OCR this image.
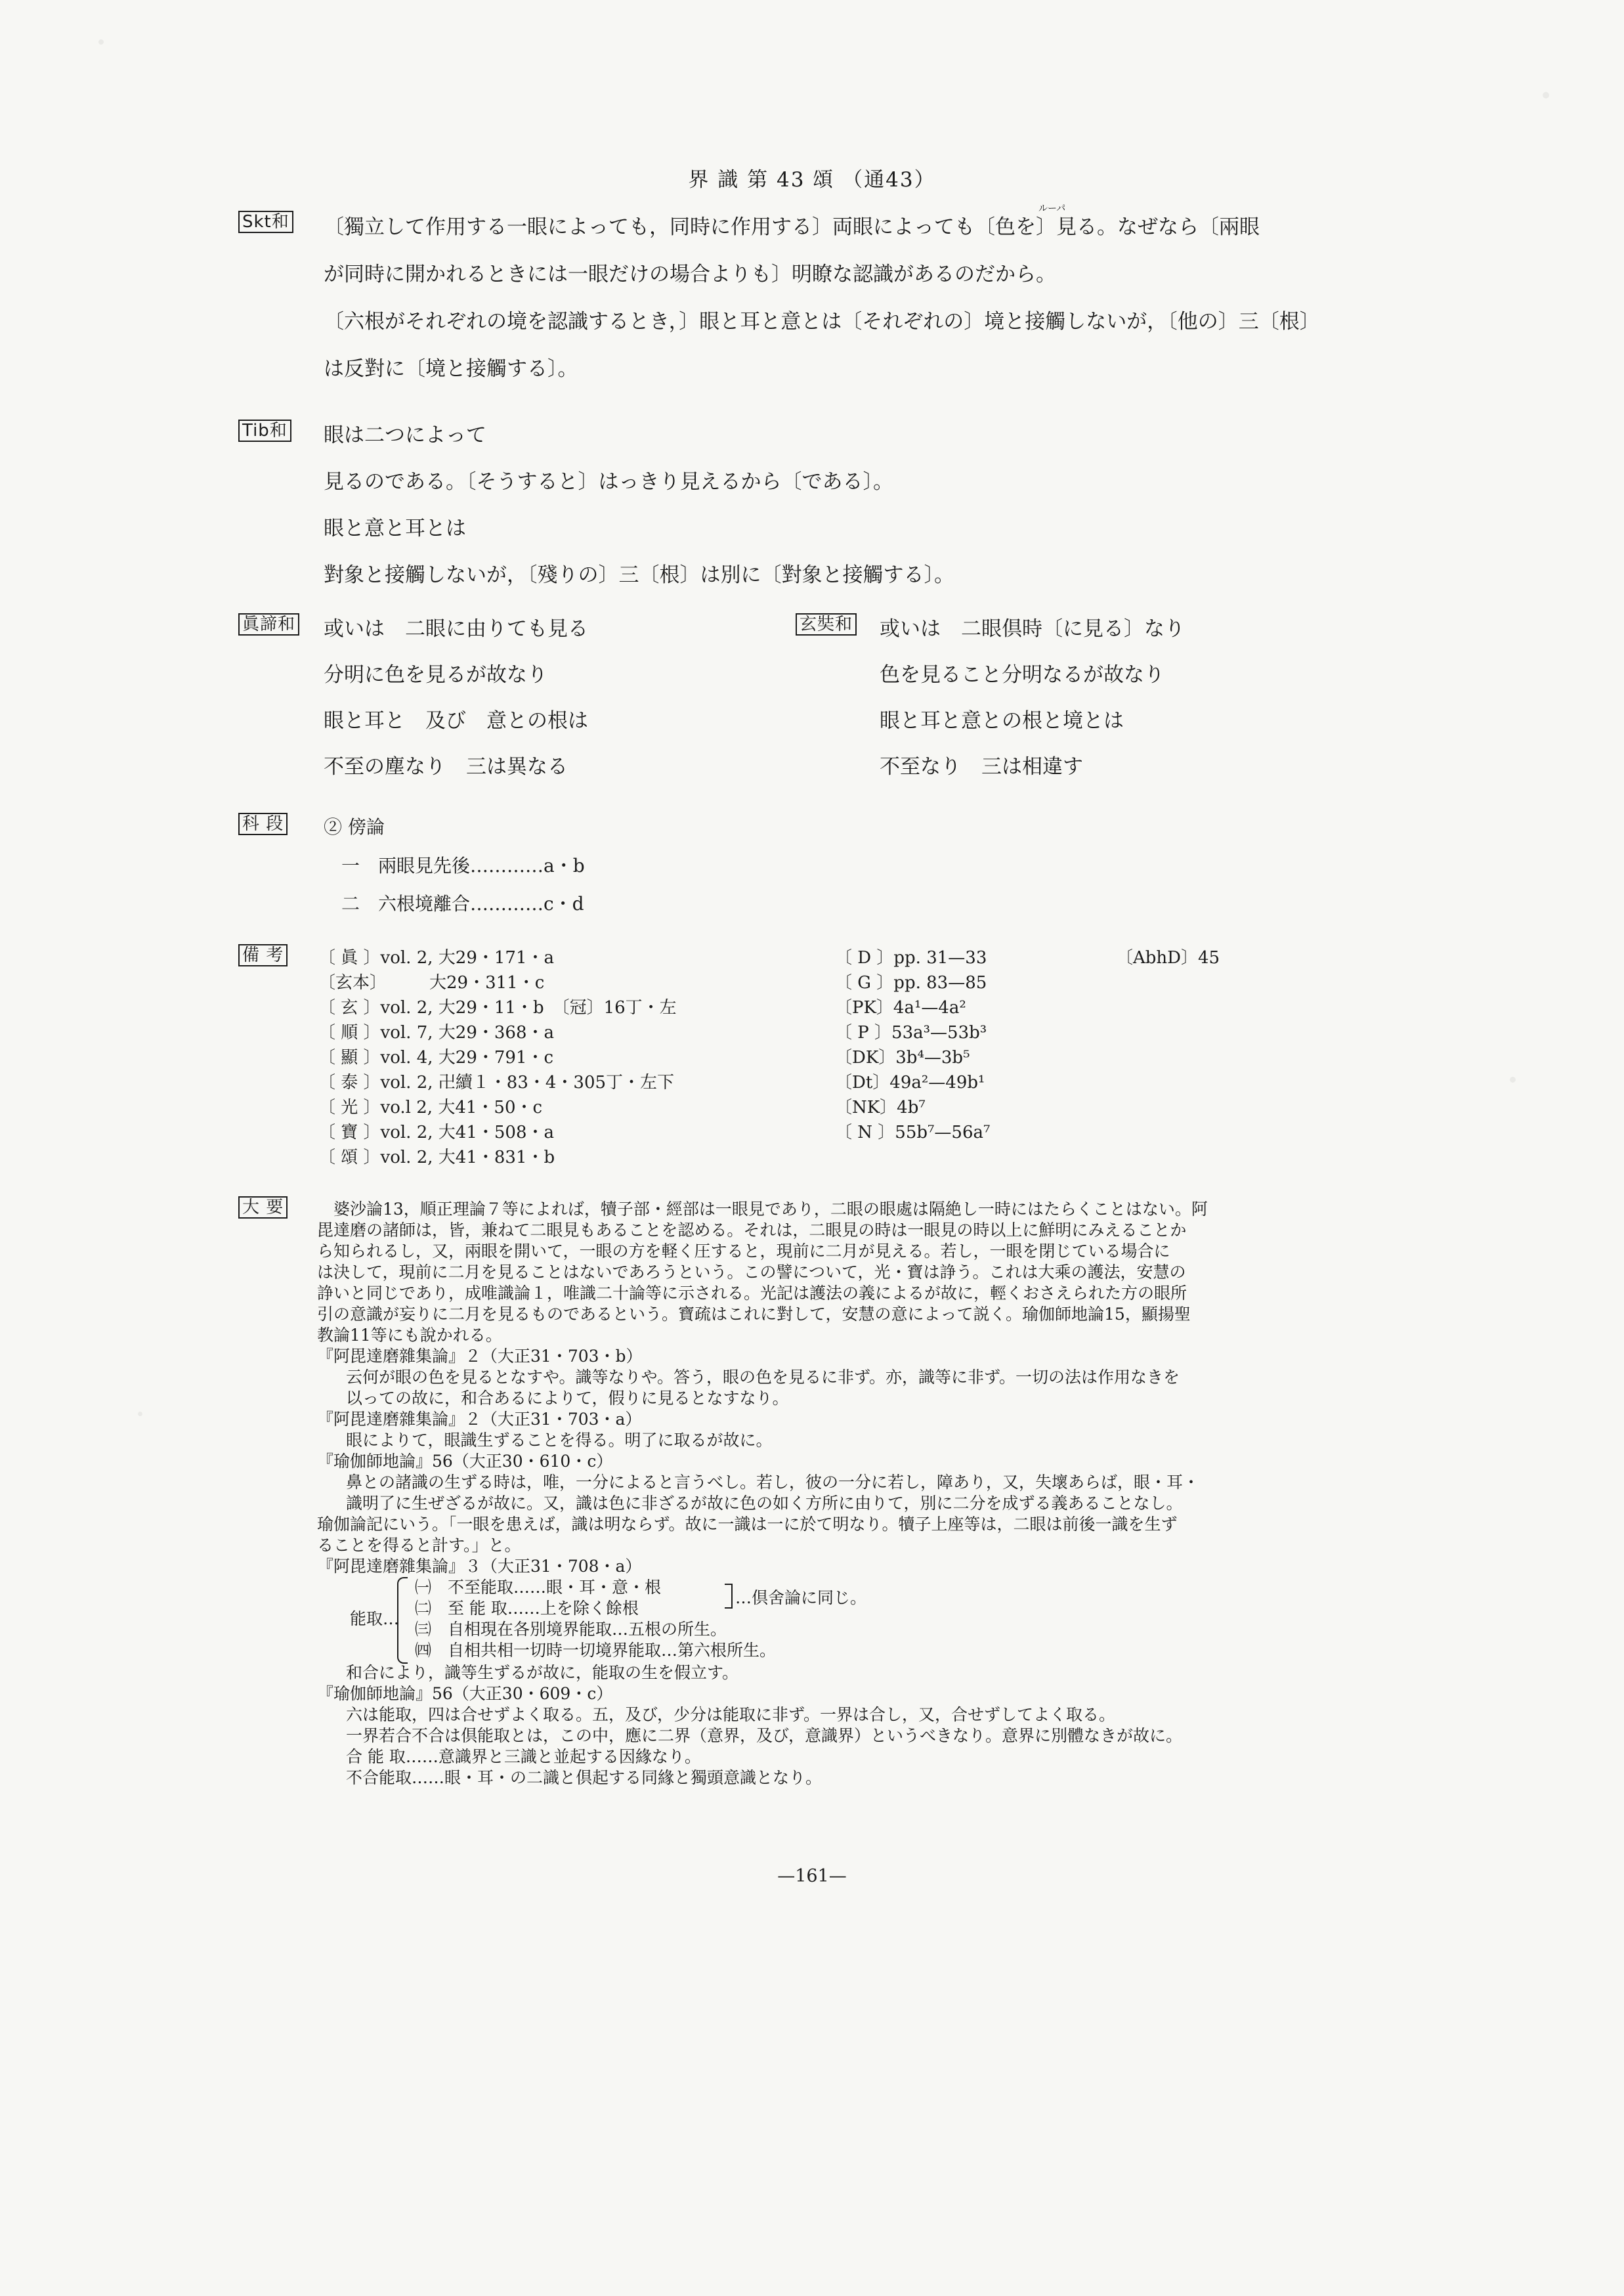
界 識 第 43 頌 （通43）
Skt和
ルーパ
〔獨立して作用する一眼によっても，同時に作用する〕両眼によっても〔色を〕見る。なぜなら〔兩眼
が同時に開かれるときには一眼だけの場合よりも〕明瞭な認識があるのだから。
〔六根がそれぞれの境を認識するとき，〕眼と耳と意とは〔それぞれの〕境と接觸しないが，〔他の〕三〔根〕
は反對に〔境と接觸する〕。
Tib和 眼は二つによって
見るのである。〔そうすると〕はっきり見えるから〔である〕。
眼と意と耳とは
對象と接觸しないが，〔殘りの〕三〔根〕は別に〔對象と接觸する〕。
眞諦和 或いは　二眼に由りても見る
分明に色を見るが故なり
眼と耳と　及び　意との根は
不至の塵なり　三は異なる
玄奘和 或いは　二眼倶時〔に見る〕なり
色を見ること分明なるが故なり
眼と耳と意との根と境とは
不至なり　三は相違す
科 段 ② 傍論
一　兩眼見先後…………a・b
二　六根境離合…………c・d
備 考 〔 眞 〕vol. 2, 大29・171・a
〔玄本〕　　　大29・311・c
〔 玄 〕vol. 2, 大29・11・b　〔冠〕16丁・左
〔 順 〕vol. 7, 大29・368・a
〔 顯 〕vol. 4, 大29・791・c
〔 泰 〕vol. 2, 卍續１・83・4・305丁・左下
〔 光 〕vo.l 2, 大41・50・c
〔 寶 〕vol. 2, 大41・508・a
〔 頌 〕vol. 2, 大41・831・b
〔 D 〕pp. 31—33
〔 G 〕pp. 83—85
〔PK〕4a¹—4a²
〔 P 〕53a³—53b³
〔DK〕3b⁴—3b⁵
〔Dt〕49a²—49b¹
〔NK〕4b⁷
〔 N 〕55b⁷—56a⁷
〔AbhD〕45
大 要 　婆沙論13，順正理論７等によれば，犢子部・經部は一眼見であり，二眼の眼處は隔絶し一時にはたらくことはない。阿
毘達磨の諸師は，皆，兼ねて二眼見もあることを認める。それは，二眼見の時は一眼見の時以上に鮮明にみえることか
ら知られるし，又，兩眼を開いて，一眼の方を軽く圧すると，現前に二月が見える。若し，一眼を閉じている場合に
は決して，現前に二月を見ることはないであろうという。この譬について，光・寶は諍う。これは大乘の護法，安慧の
諍いと同じであり，成唯識論１，唯識二十論等に示される。光記は護法の義によるが故に，輕くおさえられた方の眼所
引の意識が妄りに二月を見るものであるという。寶疏はこれに對して，安慧の意によって説く。瑜伽師地論15，顯揚聖
教論11等にも說かれる。
『阿毘達磨雜集論』２（大正31・703・b）
云何が眼の色を見るとなすや。識等なりや。答う，眼の色を見るに非ず。亦，識等に非ず。一切の法は作用なきを
以っての故に，和合あるによりて，假りに見るとなすなり。
『阿毘達磨雜集論』２（大正31・703・a）
眼によりて，眼識生ずることを得る。明了に取るが故に。
『瑜伽師地論』56（大正30・610・c）
鼻との諸識の生ずる時は，唯，一分によると言うべし。若し，彼の一分に若し，障あり，又，失壞あらば，眼・耳・
識明了に生ぜざるが故に。又，識は色に非ざるが故に色の如く方所に由りて，別に二分を成ずる義あることなし。
瑜伽論記にいう。「一眼を患えば，識は明ならず。故に一識は一に於て明なり。犢子上座等は，二眼は前後一識を生ず
ることを得ると計す。」と。
『阿毘達磨雜集論』３（大正31・708・a）
能取…
㈠　不至能取……眼・耳・意・根
㈡　至 能 取……上を除く餘根
㈢　自相現在各別境界能取…五根の所生。
㈣　自相共相一切時一切境界能取…第六根所生。
…倶舍論に同じ。
和合により，識等生ずるが故に，能取の生を假立す。
『瑜伽師地論』56（大正30・609・c）
六は能取，四は合せずよく取る。五，及び，少分は能取に非ず。一界は合し，又，合せずしてよく取る。
一界若合不合は倶能取とは，この中，應に二界（意界，及び，意識界）というべきなり。意界に別體なきが故に。
合 能 取……意識界と三識と並起する因緣なり。
不合能取……眼・耳・の二識と倶起する同緣と獨頭意識となり。
—161—
